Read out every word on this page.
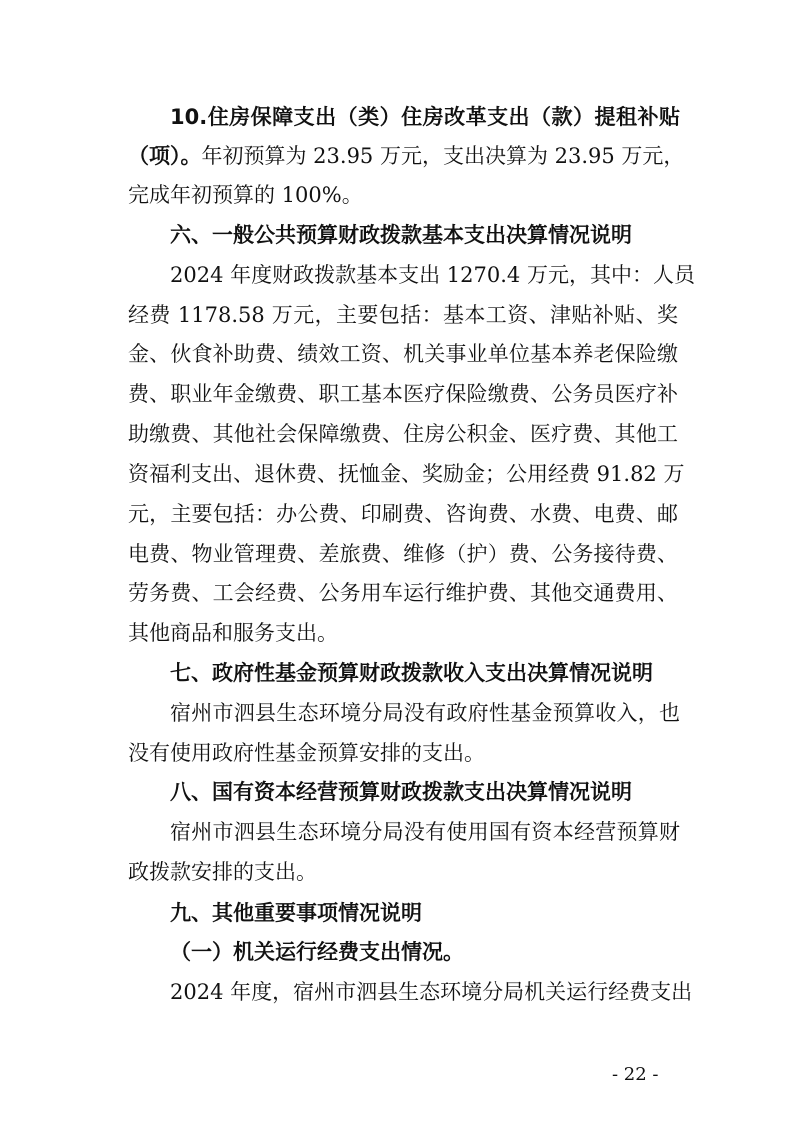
10.住房保障支出（类）住房改革支出（款）提租补贴
（项）。年初预算为 23.95 万元，支出决算为 23.95 万元，
完成年初预算的 100%。
六、一般公共预算财政拨款基本支出决算情况说明
2024 年度财政拨款基本支出 1270.4 万元，其中：人员
经费 1178.58 万元，主要包括：基本工资、津贴补贴、奖
金、伙食补助费、绩效工资、机关事业单位基本养老保险缴
费、职业年金缴费、职工基本医疗保险缴费、公务员医疗补
助缴费、其他社会保障缴费、住房公积金、医疗费、其他工
资福利支出、退休费、抚恤金、奖励金；公用经费 91.82 万
元，主要包括：办公费、印刷费、咨询费、水费、电费、邮
电费、物业管理费、差旅费、维修（护）费、公务接待费、
劳务费、工会经费、公务用车运行维护费、其他交通费用、
其他商品和服务支出。
七、政府性基金预算财政拨款收入支出决算情况说明
宿州市泗县生态环境分局没有政府性基金预算收入，也
没有使用政府性基金预算安排的支出。
八、国有资本经营预算财政拨款支出决算情况说明
宿州市泗县生态环境分局没有使用国有资本经营预算财
政拨款安排的支出。
九、其他重要事项情况说明
（一）机关运行经费支出情况。
2024 年度，宿州市泗县生态环境分局机关运行经费支出
- 22 -
